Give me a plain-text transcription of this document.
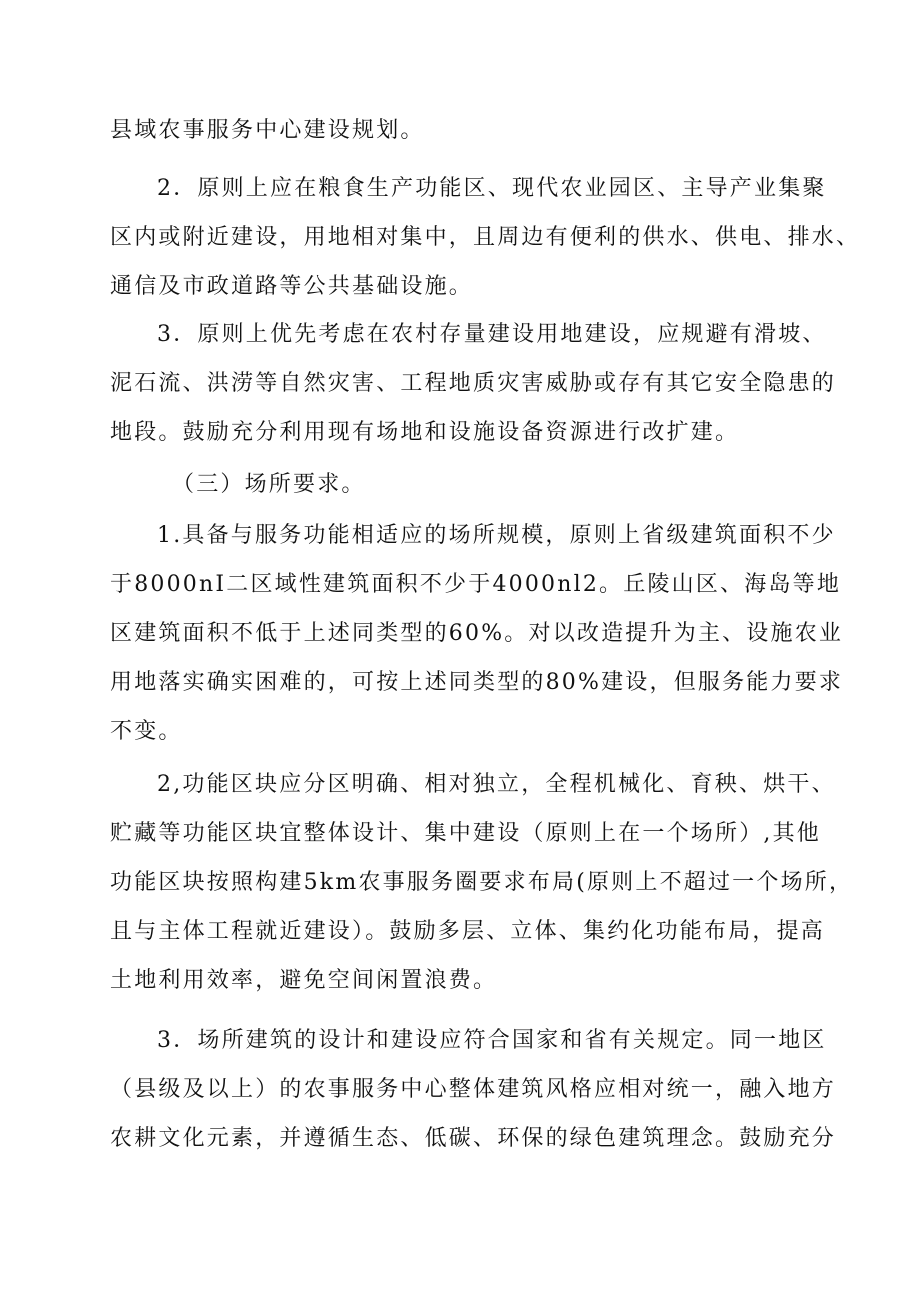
县域农事服务中心建设规划。
2．原则上应在粮食生产功能区、现代农业园区、主导产业集聚
区内或附近建设，用地相对集中，且周边有便利的供水、供电、排水、
通信及市政道路等公共基础设施。
3．原则上优先考虑在农村存量建设用地建设，应规避有滑坡、
泥石流、洪涝等自然灾害、工程地质灾害威胁或存有其它安全隐患的
地段。鼓励充分利用现有场地和设施设备资源进行改扩建。
（三）场所要求。
1.具备与服务功能相适应的场所规模，原则上省级建筑面积不少
于8000nI二区域性建筑面积不少于4000nl2。丘陵山区、海岛等地
区建筑面积不低于上述同类型的60%。对以改造提升为主、设施农业
用地落实确实困难的，可按上述同类型的80%建设，但服务能力要求
不变。
2,功能区块应分区明确、相对独立，全程机械化、育秧、烘干、
贮藏等功能区块宜整体设计、集中建设（原则上在一个场所）,其他
功能区块按照构建5km农事服务圈要求布局(原则上不超过一个场所，
且与主体工程就近建设）。鼓励多层、立体、集约化功能布局，提高
土地利用效率，避免空间闲置浪费。
3．场所建筑的设计和建设应符合国家和省有关规定。同一地区
（县级及以上）的农事服务中心整体建筑风格应相对统一，融入地方
农耕文化元素，并遵循生态、低碳、环保的绿色建筑理念。鼓励充分
